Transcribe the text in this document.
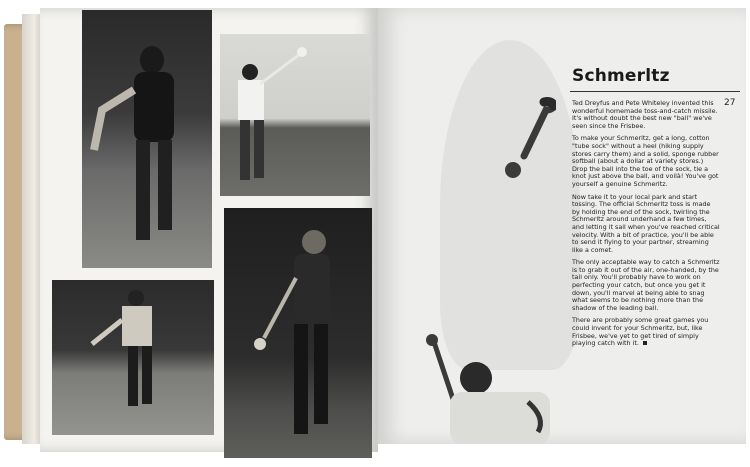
Schmerltz
27

Ted Dreyfus and Pete Whiteley invented this wonderful homemade toss-and-catch missile. It's without doubt the best new "ball" we've seen since the Frisbee.

To make your Schmerltz, get a long, cotton "tube sock" without a heel (hiking supply stores carry them) and a solid, sponge rubber softball (about a dollar at variety stores.) Drop the ball into the toe of the sock, tie a knot just above the ball, and voilà! You've got yourself a genuine Schmerltz.

Now take it to your local park and start tossing. The official Schmerltz toss is made by holding the end of the sock, twirling the Schmerltz around underhand a few times, and letting it sail when you've reached critical velocity. With a bit of practice, you'll be able to send it flying to your partner, streaming like a comet.

The only acceptable way to catch a Schmerltz is to grab it out of the air, one-handed, by the tail only. You'll probably have to work on perfecting your catch, but once you get it down, you'll marvel at being able to snag what seems to be nothing more than the shadow of the leading ball.

There are probably some great games you could invent for your Schmerltz, but, like Frisbee, we've yet to get tired of simply playing catch with it.
